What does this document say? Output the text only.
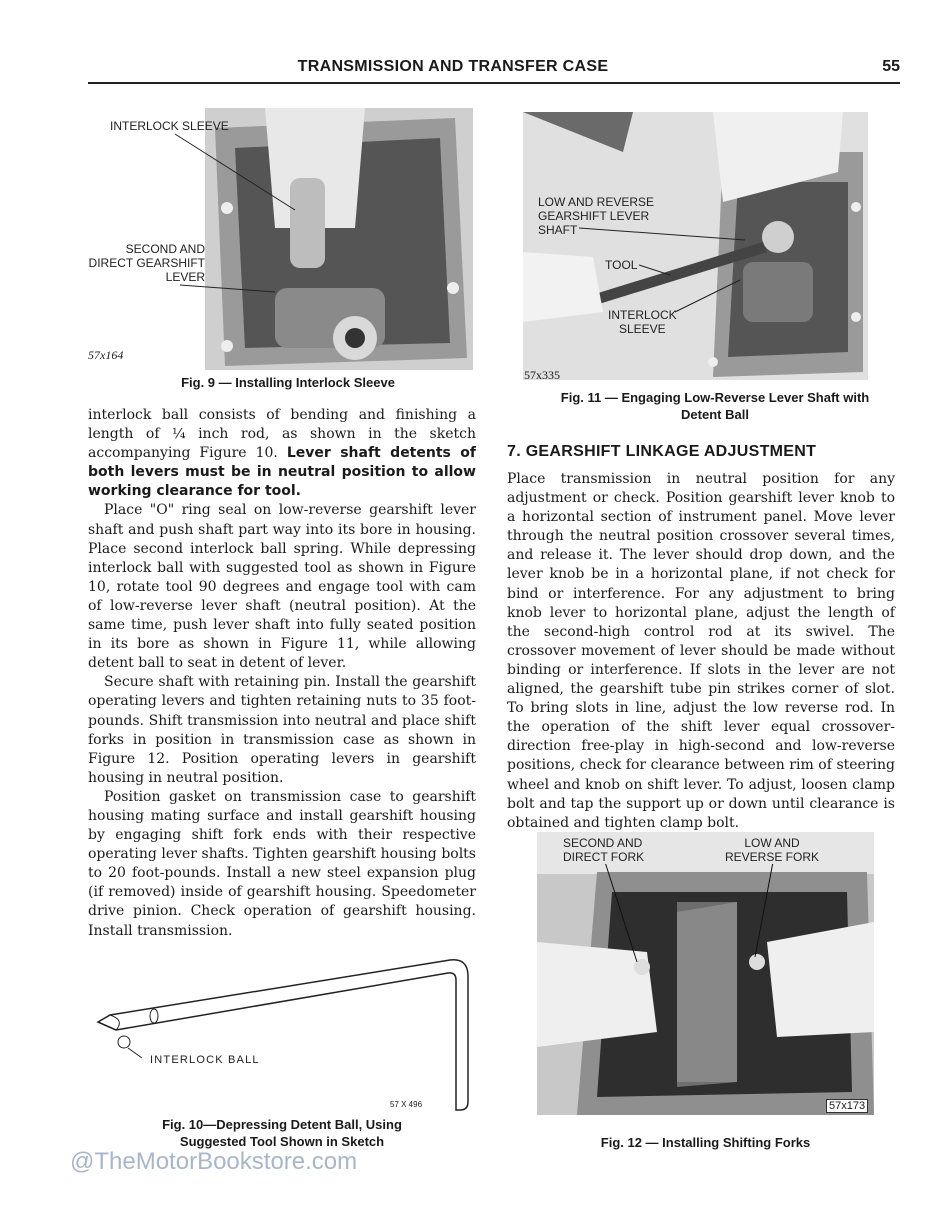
TRANSMISSION AND TRANSFER CASE	55
INTERLOCK SLEEVE
SECOND AND
DIRECT GEARSHIFT
LEVER
57x164
Fig. 9 — Installing Interlock Sleeve

interlock ball consists of bending and finishing a length of ¼ inch rod, as shown in the sketch accompanying Figure 10. Lever shaft detents of both levers must be in neutral position to allow working clearance for tool.

Place "O" ring seal on low-reverse gearshift lever shaft and push shaft part way into its bore in housing. Place second interlock ball spring. While depressing interlock ball with suggested tool as shown in Figure 10, rotate tool 90 degrees and engage tool with cam of low-reverse lever shaft (neutral position). At the same time, push lever shaft into fully seated position in its bore as shown in Figure 11, while allowing detent ball to seat in detent of lever.

Secure shaft with retaining pin. Install the gearshift operating levers and tighten retaining nuts to 35 foot-pounds. Shift transmission into neutral and place shift forks in position in transmission case as shown in Figure 12. Position operating levers in gearshift housing in neutral position.

Position gasket on transmission case to gearshift housing mating surface and install gearshift housing by engaging shift fork ends with their respective operating lever shafts. Tighten gearshift housing bolts to 20 foot-pounds. Install a new steel expansion plug (if removed) inside of gearshift housing. Speedometer drive pinion. Check operation of gearshift housing. Install transmission.

INTERLOCK BALL
57 X 496
Fig. 10—Depressing Detent Ball, Using
Suggested Tool Shown in Sketch
LOW AND REVERSE
GEARSHIFT LEVER
SHAFT
TOOL
INTERLOCK
SLEEVE
57x335
Fig. 11 — Engaging Low-Reverse Lever Shaft with
Detent Ball
7. GEARSHIFT LINKAGE ADJUSTMENT

Place transmission in neutral position for any adjustment or check. Position gearshift lever knob to a horizontal section of instrument panel. Move lever through the neutral position crossover several times, and release it. The lever should drop down, and the lever knob be in a horizontal plane, if not check for bind or interference. For any adjustment to bring knob lever to horizontal plane, adjust the length of the second-high control rod at its swivel. The crossover movement of lever should be made without binding or interference. If slots in the lever are not aligned, the gearshift tube pin strikes corner of slot. To bring slots in line, adjust the low reverse rod. In the operation of the shift lever equal crossover-direction free-play in high-second and low-reverse positions, check for clearance between rim of steering wheel and knob on shift lever. To adjust, loosen clamp bolt and tap the support up or down until clearance is obtained and tighten clamp bolt.

SECOND AND
DIRECT FORK
LOW AND
REVERSE FORK
57x173
Fig. 12 — Installing Shifting Forks
@TheMotorBookstore.com
